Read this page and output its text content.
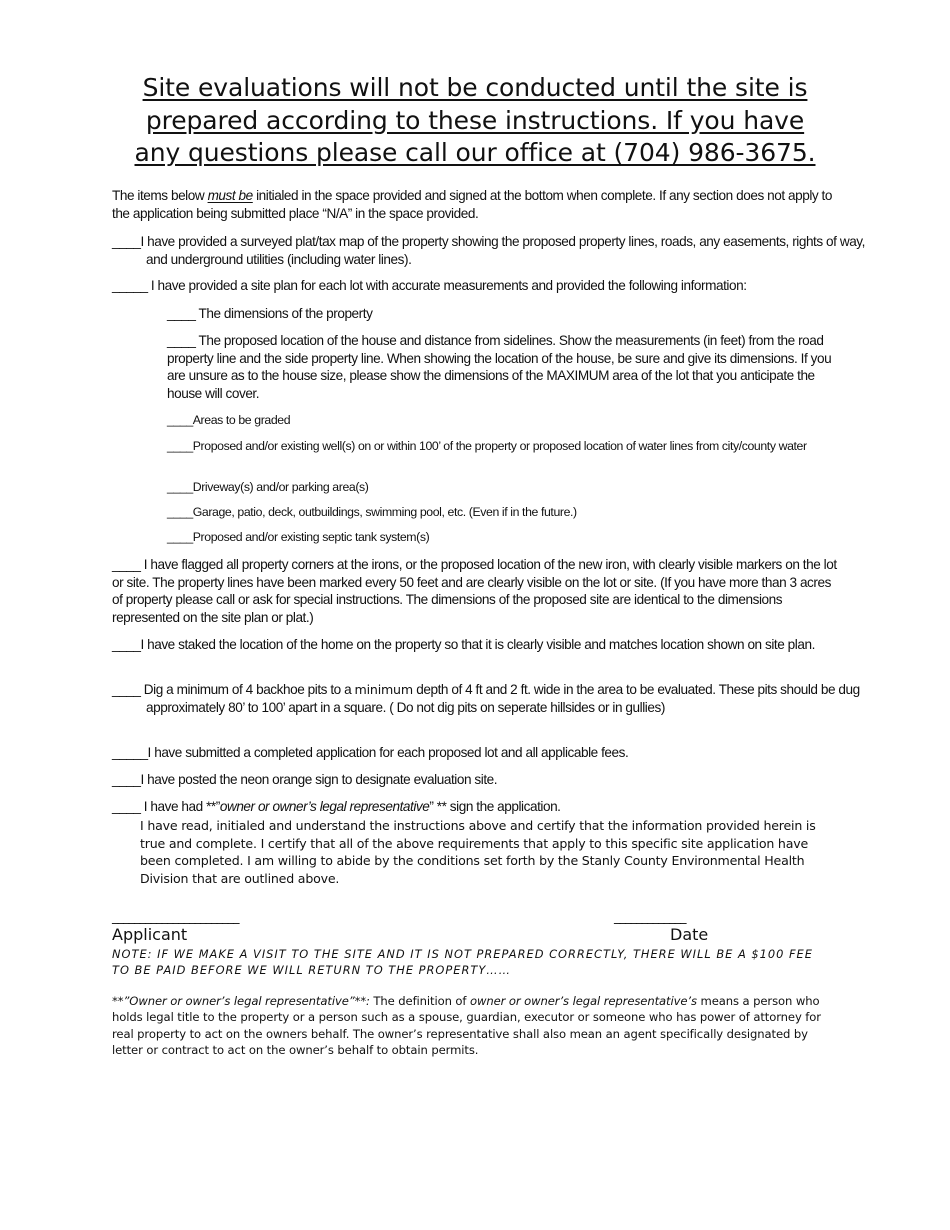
Site evaluations will not be conducted until the site is prepared according to these instructions. If you have any questions please call our office at (704) 986-3675.
The items below must be initialed in the space provided and signed at the bottom when complete. If any section does not apply to the application being submitted place “N/A” in the space provided.
____I have provided a surveyed plat/tax map of the property showing the proposed property lines, roads, any easements, rights of way, and underground utilities (including water lines).
_____ I have provided a site plan for each lot with accurate measurements and provided the following information:
____ The dimensions of the property
____ The proposed location of the house and distance from sidelines. Show the measurements (in feet) from the road property line and the side property line. When showing the location of the house, be sure and give its dimensions. If you are unsure as to the house size, please show the dimensions of the MAXIMUM area of the lot that you anticipate the house will cover.
____Areas to be graded
____Proposed and/or existing well(s) on or within 100’ of the property or proposed location of water lines from city/county water
____Driveway(s) and/or parking area(s)
____Garage, patio, deck, outbuildings, swimming pool, etc. (Even if in the future.)
____Proposed and/or existing septic tank system(s)
____ I have flagged all property corners at the irons, or the proposed location of the new iron, with clearly visible markers on the lot or site. The property lines have been marked every 50 feet and are clearly visible on the lot or site. (If you have more than 3 acres of property please call or ask for special instructions. The dimensions of the proposed site are identical to the dimensions represented on the site plan or plat.)
____I have staked the location of the home on the property so that it is clearly visible and matches location shown on site plan.
____ Dig a minimum of 4 backhoe pits to a minimum depth of 4 ft and 2 ft. wide in the area to be evaluated. These pits should be dug approximately 80’ to 100’ apart in a square. ( Do not dig pits on seperate hillsides or in gullies)
_____I have submitted a completed application for each proposed lot and all applicable fees.
____I have posted the neon orange sign to designate evaluation site.
____ I have had **”owner or owner’s legal representative” ** sign the application.
I have read, initialed and understand the instructions above and certify that the information provided herein is true and complete. I certify that all of the above requirements that apply to this specific site application have been completed. I am willing to abide by the conditions set forth by the Stanly County Environmental Health Division that are outlined above.
_______________________	_____________
Applicant	Date
NOTE: IF WE MAKE A VISIT TO THE SITE AND IT IS NOT PREPARED CORRECTLY, THERE WILL BE A $100 FEE TO BE PAID BEFORE WE WILL RETURN TO THE PROPERTY……
**”Owner or owner’s legal representative”**: The definition of owner or owner’s legal representative’s means a person who holds legal title to the property or a person such as a spouse, guardian, executor or someone who has power of attorney for real property to act on the owners behalf. The owner’s representative shall also mean an agent specifically designated by letter or contract to act on the owner’s behalf to obtain permits.
